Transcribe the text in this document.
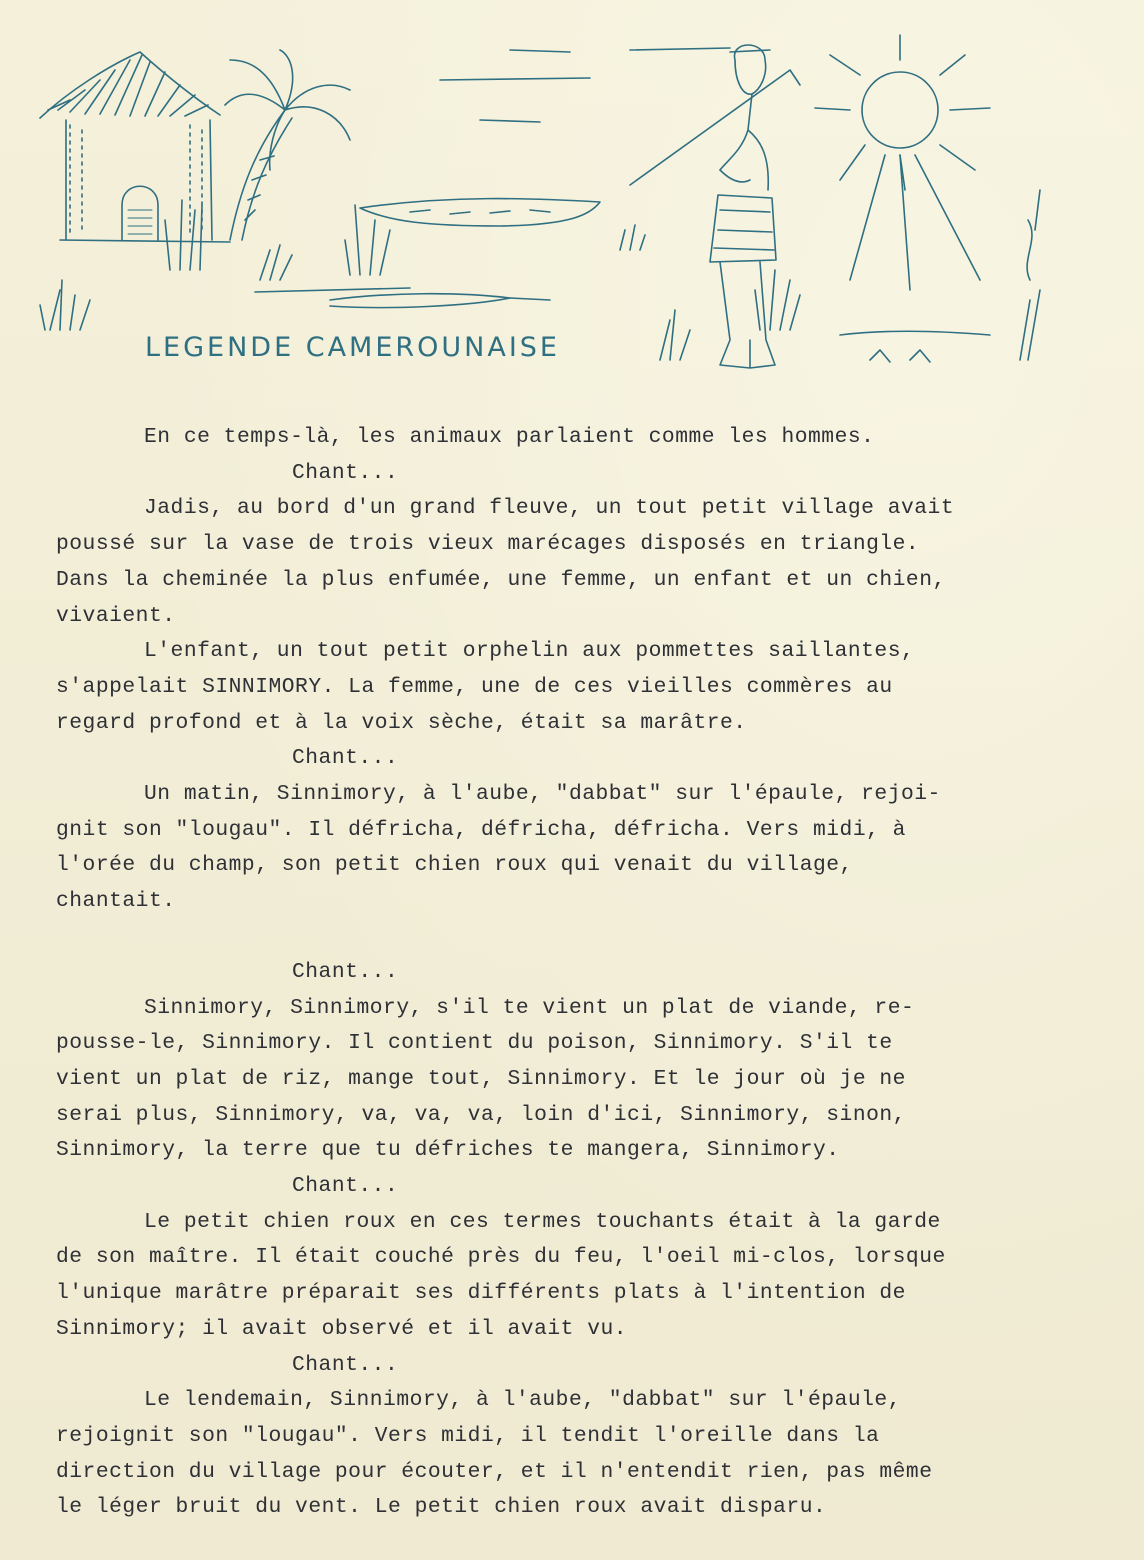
LEGENDE CAMEROUNAISE

En ce temps-là, les animaux parlaient comme les hommes.

Chant...

Jadis, au bord d'un grand fleuve, un tout petit village avait

poussé sur la vase de trois vieux marécages disposés en triangle.

Dans la cheminée la plus enfumée, une femme, un enfant et un chien,

vivaient.

L'enfant, un tout petit orphelin aux pommettes saillantes,

s'appelait SINNIMORY. La femme, une de ces vieilles commères au

regard profond et à la voix sèche, était sa marâtre.

Chant...

Un matin, Sinnimory, à l'aube, "dabbat" sur l'épaule, rejoi-

gnit son "lougau". Il défricha, défricha, défricha. Vers midi, à

l'orée du champ, son petit chien roux qui venait du village,

chantait.

Chant...

Sinnimory, Sinnimory, s'il te vient un plat de viande, re-

pousse-le, Sinnimory. Il contient du poison, Sinnimory. S'il te

vient un plat de riz, mange tout, Sinnimory. Et le jour où je ne

serai plus, Sinnimory, va, va, va, loin d'ici, Sinnimory, sinon,

Sinnimory, la terre que tu défriches te mangera, Sinnimory.

Chant...

Le petit chien roux en ces termes touchants était à la garde

de son maître. Il était couché près du feu, l'oeil mi-clos, lorsque

l'unique marâtre préparait ses différents plats à l'intention de

Sinnimory; il avait observé et il avait vu.

Chant...

Le lendemain, Sinnimory, à l'aube, "dabbat" sur l'épaule,

rejoignit son "lougau". Vers midi, il tendit l'oreille dans la

direction du village pour écouter, et il n'entendit rien, pas même

le léger bruit du vent. Le petit chien roux avait disparu.
